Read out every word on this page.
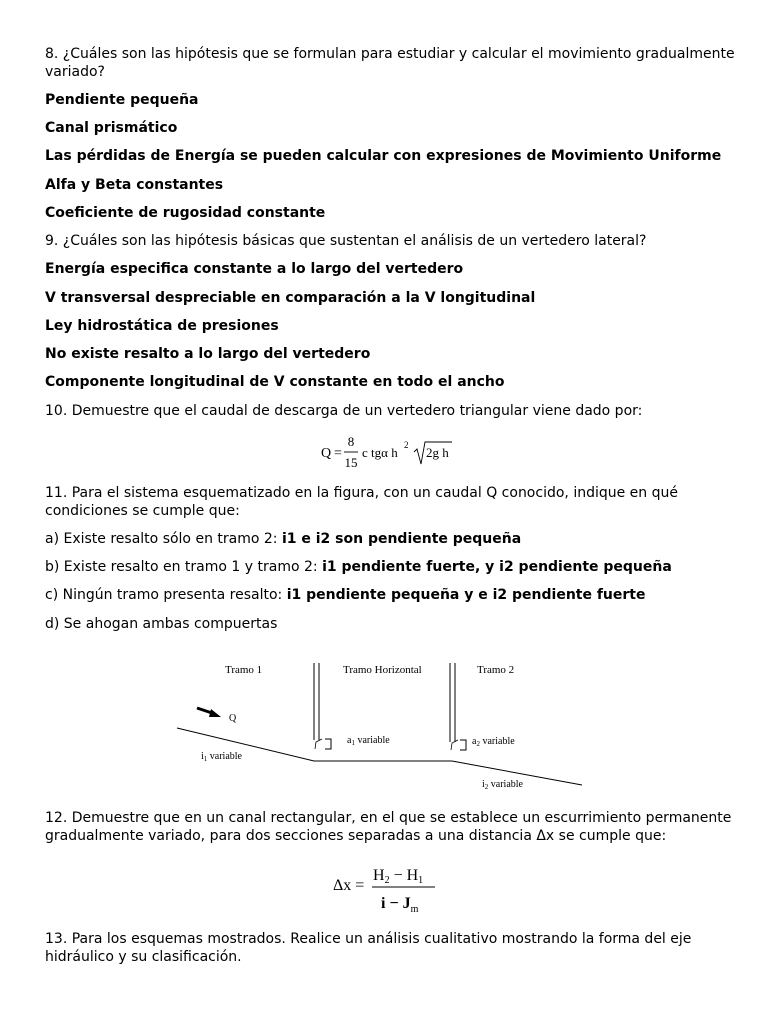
8. ¿Cuáles son las hipótesis que se formulan para estudiar y calcular el movimiento gradualmente variado?
Pendiente pequeña
Canal prismático
Las pérdidas de Energía se pueden calcular con expresiones de Movimiento Uniforme
Alfa y Beta constantes
Coeficiente de rugosidad constante
9. ¿Cuáles son las hipótesis básicas que sustentan el análisis de un vertedero lateral?
Energía especifica constante a lo largo del vertedero
V transversal despreciable en comparación a la V longitudinal
Ley hidrostática de presiones
No existe resalto a lo largo del vertedero
Componente longitudinal de V constante en todo el ancho
10. Demuestre que el caudal de descarga de un vertedero triangular viene dado por:
Q =
8
15
c tgα h 2 2g h
11. Para el sistema esquematizado en la figura, con un caudal Q conocido, indique en qué condiciones se cumple que:
a) Existe resalto sólo en tramo 2: i1 e i2 son pendiente pequeña
b) Existe resalto en tramo 1 y tramo 2: i1 pendiente fuerte, y i2 pendiente pequeña
c) Ningún tramo presenta resalto: i1 pendiente pequeña y e i2 pendiente fuerte
d) Se ahogan ambas compuertas
Tramo 1	Tramo Horizontal	Tramo 2
Q
$a_1$ variable	$a_2$ variable
$i_1$ variable
$i_2$ variable
12. Demuestre que en un canal rectangular, en el que se establece un escurrimiento permanente gradualmente variado, para dos secciones separadas a una distancia Δx se cumple que:
Δx =
H2 − H1
$i - J_m$
13. Para los esquemas mostrados. Realice un análisis cualitativo mostrando la forma del eje hidráulico y su clasificación.
